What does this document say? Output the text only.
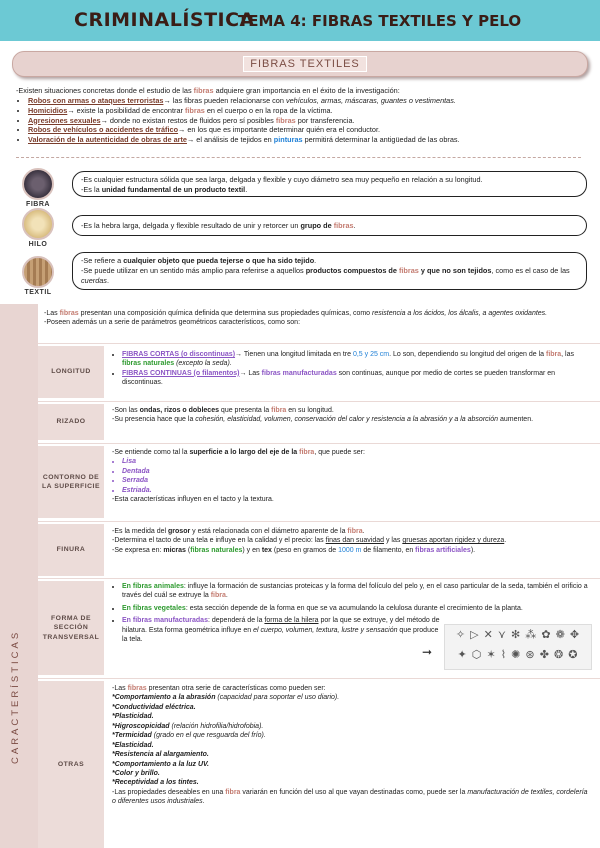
CRIMINALÍSTICA
TEMA 4: FIBRAS TEXTILES Y PELO
FIBRAS TEXTILES
-Existen situaciones concretas donde el estudio de las fibras adquiere gran importancia en el éxito de la investigación:
• Robos con armas o ataques terroristas→ las fibras pueden relacionarse con vehículos, armas, máscaras, guantes o vestimentas.
• Homicidios→ existe la posibilidad de encontrar fibras en el cuerpo o en la ropa de la víctima.
• Agresiones sexuales→ donde no existan restos de fluidos pero sí posibles fibras por transferencia.
• Robos de vehículos o accidentes de tráfico→ en los que es importante determinar quién era el conductor.
• Valoración de la autenticidad de obras de arte→ el análisis de tejidos en pinturas permitirá determinar la antigüedad de las obras.
FIBRA
-Es cualquier estructura sólida que sea larga, delgada y flexible y cuyo diámetro sea muy pequeño en relación a su longitud.
-Es la unidad fundamental de un producto textil.
HILO
-Es la hebra larga, delgada y flexible resultado de unir y retorcer un grupo de fibras.
TEXTIL
-Se refiere a cualquier objeto que pueda tejerse o que ha sido tejido.
-Se puede utilizar en un sentido más amplio para referirse a aquellos productos compuestos de fibras y que no son tejidos, como es el caso de las cuerdas.
CARACTERÍSTICAS

-Las fibras presentan una composición química definida que determina sus propiedades químicas, como resistencia a los ácidos, los álcalis, a agentes oxidantes.

-Poseen además un a serie de parámetros geométricos característicos, como son:

LONGITUD
• FIBRAS CORTAS (o discontinuas)→ Tienen una longitud limitada en tre 0,5 y 25 cm. Lo son, dependiendo su longitud del origen de la fibra, las fibras naturales (excepto la seda).
• FIBRAS CONTINUAS (o filamentos)→ Las fibras manufacturadas son continuas, aunque por medio de cortes se pueden transformar en discontinuas.
RIZADO

-Son las ondas, rizos o dobleces que presenta la fibra en su longitud.

-Su presencia hace que la cohesión, elasticidad, volumen, conservación del calor y resistencia a la abrasión y a la absorción aumenten.

CONTORNO DE LA SUPERFICIE

-Se entiende como tal la superficie a lo largo del eje de la fibra, que puede ser:

• Lisa
• Dentada
• Serrada
• Estriada.

-Esta características influyen en el tacto y la textura.

FINURA

-Es la medida del grosor y está relacionada con el diámetro aparente de la fibra.

-Determina el tacto de una tela e influye en la calidad y el precio: las finas dan suavidad y las gruesas aportan rigidez y dureza.

-Se expresa en: micras (fibras naturales) y en tex (peso en gramos de 1000 m de filamento, en fibras artificiales).

FORMA DE SECCIÓN TRANSVERSAL
• En fibras animales: influye la formación de sustancias proteicas y la forma del folículo del pelo y, en el caso particular de la seda, también el orificio a través del cuál se extruye la fibra.
• En fibras vegetales: esta sección depende de la forma en que se va acumulando la celulosa durante el crecimiento de la planta.
• En fibras manufacturadas: dependerá de la forma de la hilera por la que se extruye, y del método de hilatura. Esta forma geométrica influye en el cuerpo, volumen, textura, lustre y sensación que produce la tela.
➞
✧ ▷ ✕ ⋎ ✻ ⁂ ✿ ❁ ✥
✦ ⬡ ✶ ⌇ ✺ ⊛ ✤ ❂ ✪
OTRAS

-Las fibras presentan otra serie de características como pueden ser:

*Comportamiento a la abrasión (capacidad para soportar el uso diario).

*Conductividad eléctrica.

*Plasticidad.

*Higroscopicidad (relación hidrofilia/hidrofobia).

*Termicidad (grado en el que resguarda del frío).

*Elasticidad.

*Resistencia al alargamiento.

*Comportamiento a la luz UV.

*Color y brillo.

*Receptividad a los tintes.

-Las propiedades deseables en una fibra variarán en función del uso al que vayan destinadas como, puede ser la manufacturación de textiles, cordelería o diferentes usos industriales.
